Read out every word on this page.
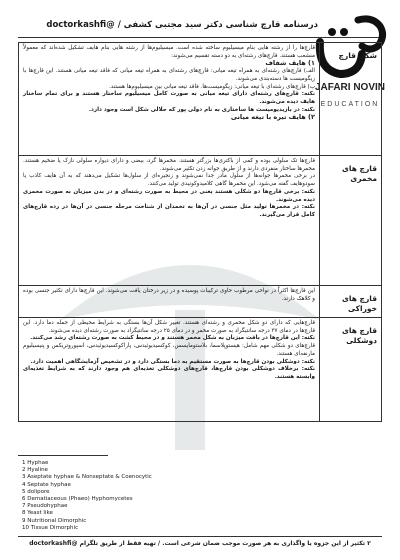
درسنامه قارچ شناسی دکتر سید مجتبی کشفی / @doctorkashfi
JAFARI NOVIN
EDUCATION
شکل قارچ
قارچ‌ها را از رشته هایی بنام میسیلیوم ساخته شده است. میسیلیوم‌ها از رشته هایی بنام هایف تشکیل شده‌اند که معمولاً منشعب هستند. قارچ‌های رشته‌ای به دو دسته تقسیم می‌شوند:
۱) هایف شفاف
الف) قارچ‌های رشته‌ای به همراه تیغه میانی: قارچ‌های رشته‌ای به همراه تیغه میانی که فاقد تیغه میانی هستند. این قارچ‌ها با زیگومیست ها دسته‌بندی می‌شوند.
ب) قارچ‌های رشته‌ای با تیغه میانی: زیگومیست‌ها. فاقد تیغه میانی بین میسیلیوم‌ها هستند.
نکته: قارچ‌های رشته‌ای دارای تیغه میانی به صورت کامل میسیلیوم ساختار هستند و برای تمام ساختار هایف دیده می‌شوند.
نکته: در بازیدیومیست ها ساختاری به نام دولی پور که حلالی شکل است وجود دارد.
۲) هایف تیره با تیغه میانی
قارچ های مخمری
قارچ‌ها تک سلولی بوده و کمی از باکتری‌ها بزرگتر هستند. مخمرها گرد، بیضی و دارای دیواره سلولی نازک یا ضخیم هستند. مخمرها ساختار منفردی دارند و از طریق جوانه زدن تکثیر می‌شوند.
در برخی مخمرها جوانه‌ها از سلول مادر جدا نمی‌شوند و زنجیره‌ای از سلول‌ها تشکیل می‌دهند که به آن هایف کاذب یا سودوهایف گفته می‌شود. این مخمرها گاهی کلامیدوکونیدی تولید می‌کنند.
نکته: برخی قارچ‌ها دو شکلی هستند یعنی در محیط به صورت رشته‌ای و در بدن میزبان به صورت مخمری دیده می‌شوند.
نکته: در مخمرها تولید مثل جنسی در آن‌ها به تخمدان از شناخت مرحله جنسی در آن‌ها در رده قارچ‌های کامل قرار می‌گیرند.
قارچ های خوراکی
این قارچ‌ها اکثراً در نواحی مرطوب حاوی ترکیبات پوسیده و در زیر درختان یافت می‌شوند. این قارچ‌ها دارای تکثیر جنسی بوده و کلاهک دارند.
قارچ های دوشکلی
قارچ‌هایی که دارای دو شکل مخمری و رشته‌ای هستند. تغییر شکل آن‌ها بستگی به شرایط محیطی از جمله دما دارد. این قارچ‌ها در دمای ۳۷ درجه سانتیگراد به صورت مخمر و در دمای ۲۵ درجه سانتیگراد به صورت رشته‌ای دیده می‌شوند.
نکته: این قارچ‌ها در بافت میزبان به شکل مخمر هستند و در محیط کشت به صورت رشته‌ای رشد می‌کنند.
قارچ‌های دو شکلی مهم شامل: هیستوپلاسما، بلاستومایسس، کوکسیدیوئیدس، پاراکوکسیدیوئیدس، اسپوروتریکس و پنیسیلیوم مارنفه‌ای هستند.
نکته: دوشکلی بودن قارچ‌ها به صورت مستقیم به دما بستگی دارد و در تشخیص آزمایشگاهی اهمیت دارد.
نکته: برخلاف دوشکلی بودن قارچ‌ها، قارچ‌های دوشکلی تغذیه‌ای هم وجود دارند که به شرایط تغذیه‌ای وابسته هستند.
1 Hyphae
2 Hyaline
3 Aseptate hyphae & Nonseptate & Coenocytic
4 Septate hyphae
5 dolipore
6 Dematiaceous (Phaeo) Hyphomycetes
7 Pseudohyphae
8 Yeast like
9 Nutritional Dimorphic
10 Tissue Dimorphic
۲ تکثیر از این جزوه یا واگذاری به هر صورت موجب ضمان شرعی است. / تهیه فقط از طریق تلگرام @doctorkashfi
